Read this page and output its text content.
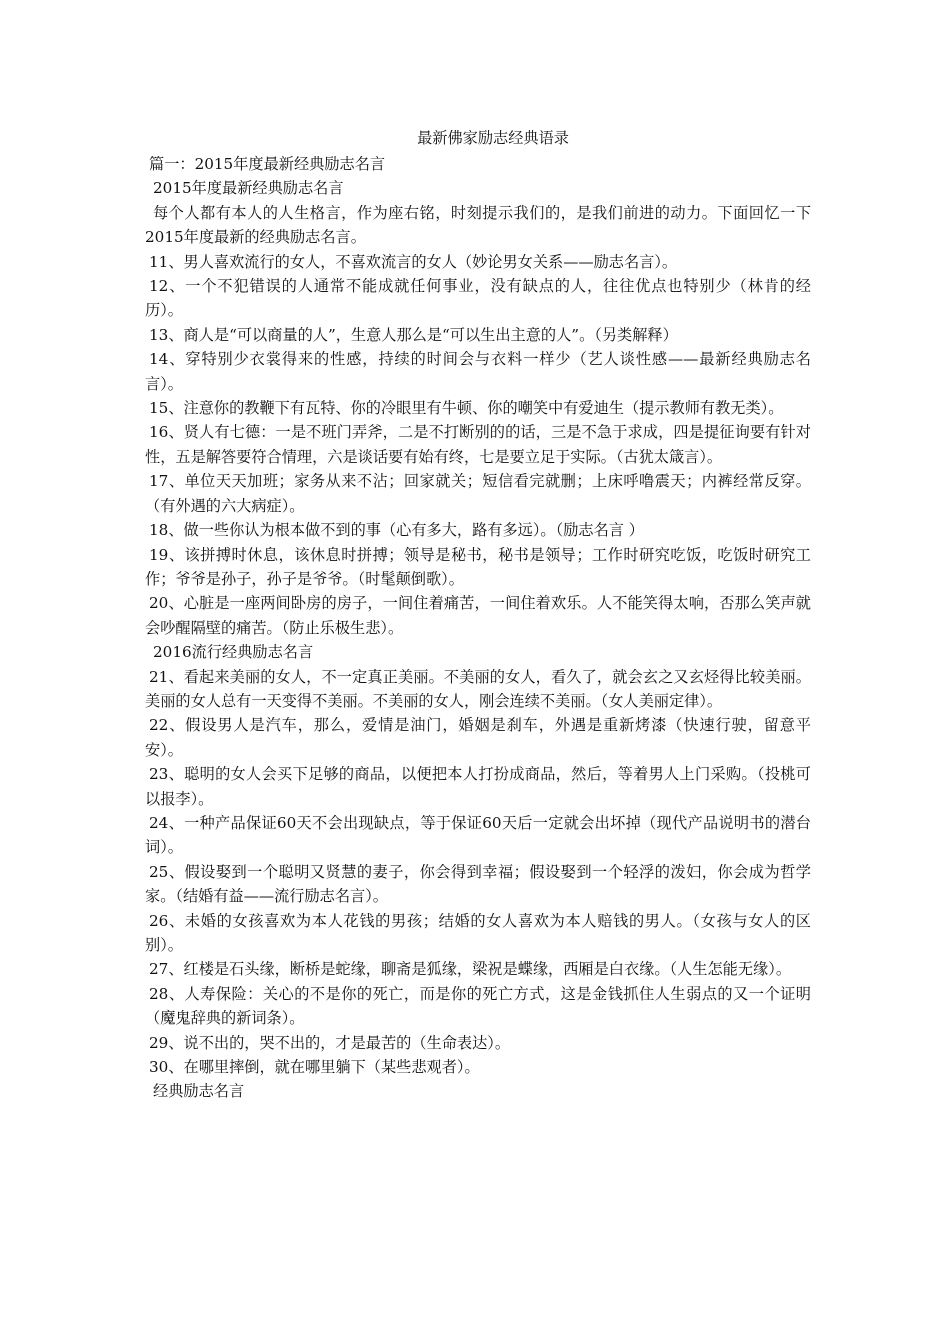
最新佛家励志经典语录

篇一：2015年度最新经典励志名言

2015年度最新经典励志名言

每个人都有本人的人生格言，作为座右铭，时刻提示我们的，是我们前进的动力。下面回忆一下2015年度最新的经典励志名言。

11、男人喜欢流行的女人，不喜欢流言的女人（妙论男女关系——励志名言）。

12、一个不犯错误的人通常不能成就任何事业，没有缺点的人，往往优点也特别少（林肯的经历）。

13、商人是“可以商量的人”，生意人那么是“可以生出主意的人”。（另类解释）

14、穿特别少衣裳得来的性感，持续的时间会与衣料一样少（艺人谈性感——最新经典励志名言）。

15、注意你的教鞭下有瓦特、你的冷眼里有牛顿、你的嘲笑中有爱迪生（提示教师有教无类）。

16、贤人有七德：一是不班门弄斧，二是不打断别的的话，三是不急于求成，四是提征询要有针对性，五是解答要符合情理，六是谈话要有始有终，七是要立足于实际。（古犹太箴言）。

17、单位天天加班；家务从来不沾；回家就关；短信看完就删；上床呼噜震天；内裤经常反穿。（有外遇的六大病症）。

18、做一些你认为根本做不到的事（心有多大，路有多远）。（励志名言 ）

19、该拼搏时休息，该休息时拼搏；领导是秘书，秘书是领导；工作时研究吃饭，吃饭时研究工作；爷爷是孙子，孙子是爷爷。（时髦颠倒歌）。

20、心脏是一座两间卧房的房子，一间住着痛苦，一间住着欢乐。人不能笑得太响，否那么笑声就会吵醒隔壁的痛苦。（防止乐极生悲）。

2016流行经典励志名言

21、看起来美丽的女人，不一定真正美丽。不美丽的女人，看久了，就会玄之又玄烃得比较美丽。美丽的女人总有一天变得不美丽。不美丽的女人，刚会连续不美丽。（女人美丽定律）。

22、假设男人是汽车，那么，爱情是油门，婚姻是刹车，外遇是重新烤漆（快速行驶，留意平安）。

23、聪明的女人会买下足够的商品，以便把本人打扮成商品，然后，等着男人上门采购。（投桃可以报李）。

24、一种产品保证60天不会出现缺点，等于保证60天后一定就会出坏掉（现代产品说明书的潜台词）。

25、假设娶到一个聪明又贤慧的妻子，你会得到幸福；假设娶到一个轻浮的泼妇，你会成为哲学家。（结婚有益——流行励志名言）。

26、未婚的女孩喜欢为本人花钱的男孩；结婚的女人喜欢为本人赔钱的男人。（女孩与女人的区别）。

27、红楼是石头缘，断桥是蛇缘，聊斋是狐缘，梁祝是蝶缘，西厢是白衣缘。（人生怎能无缘）。

28、人寿保险：关心的不是你的死亡，而是你的死亡方式，这是金钱抓住人生弱点的又一个证明（魔鬼辞典的新词条）。

29、说不出的，哭不出的，才是最苦的（生命表达）。

30、在哪里摔倒，就在哪里躺下（某些悲观者）。

经典励志名言
